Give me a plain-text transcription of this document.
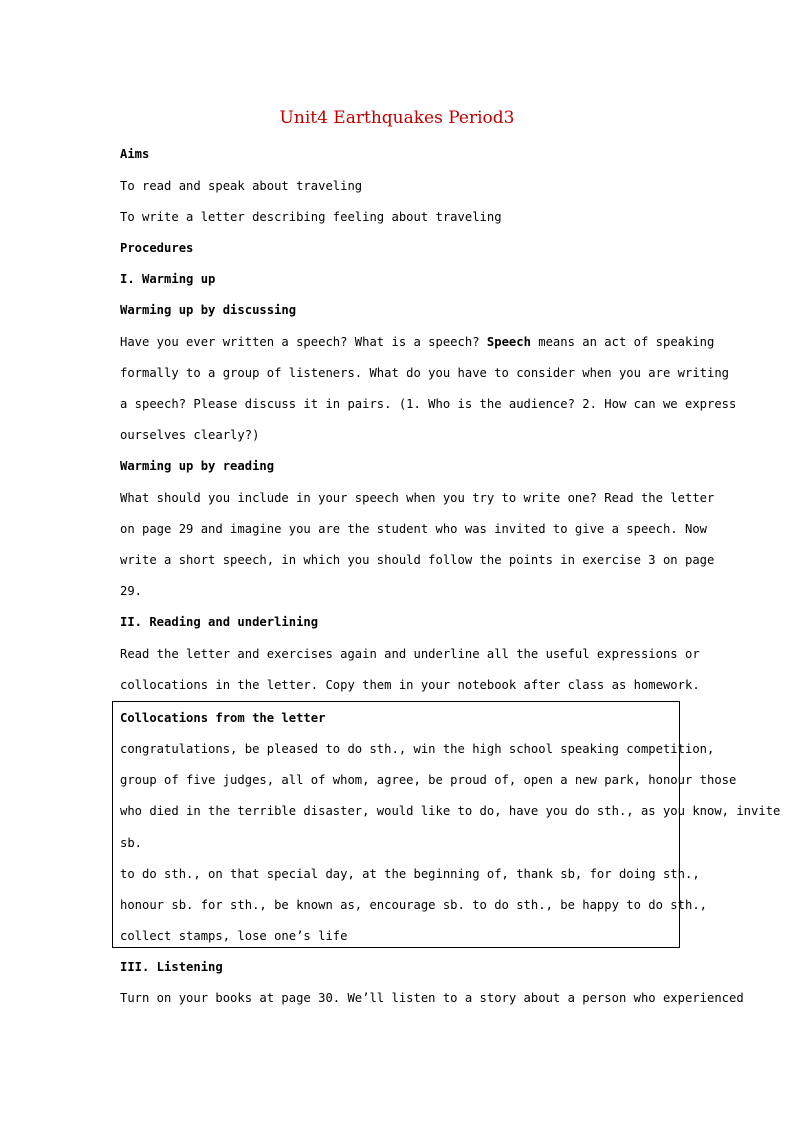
Unit4 Earthquakes Period3
Aims
To read and speak about traveling
To write a letter describing feeling about traveling
Procedures
I. Warming up
Warming up by discussing
Have you ever written a speech? What is a speech? Speech means an act of speaking
formally to a group of listeners. What do you have to consider when you are writing
a speech? Please discuss it in pairs. (1. Who is the audience? 2. How can we express
ourselves clearly?)
Warming up by reading
What should you include in your speech when you try to write one? Read the letter
on page 29 and imagine you are the student who was invited to give a speech. Now
write a short speech, in which you should follow the points in exercise 3 on page
29.
II. Reading and underlining
Read the letter and exercises again and underline all the useful expressions or
collocations in the letter. Copy them in your notebook after class as homework.
Collocations from the letter
congratulations, be pleased to do sth., win the high school speaking competition,
group of five judges, all of whom, agree, be proud of, open a new park, honour those
who died in the terrible disaster, would like to do, have you do sth., as you know, invite
sb.
to do sth., on that special day, at the beginning of, thank sb, for doing sth.,
honour sb. for sth., be known as, encourage sb. to do sth., be happy to do sth.,
collect stamps, lose one’s life
III. Listening
Turn on your books at page 30. We’ll listen to a story about a person who experienced
